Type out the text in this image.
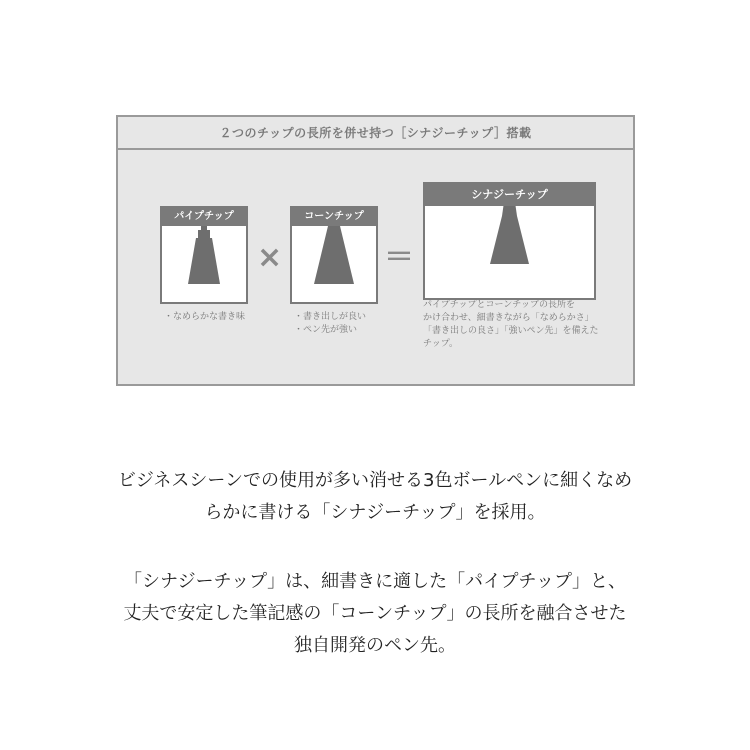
２つのチップの長所を併せ持つ［シナジーチップ］搭載
パイプチップ
・なめらかな書き味
×
コーンチップ
・書き出しが良い
・ペン先が強い
＝
シナジーチップ
パイプチップとコーンチップの長所を
かけ合わせ、細書きながら「なめらかさ」
「書き出しの良さ」「強いペン先」を備えた
チップ。
ビジネスシーンでの使用が多い消せる3色ボールペンに細くなめ
らかに書ける「シナジーチップ」を採用。
「シナジーチップ」は、細書きに適した「パイプチップ」と、
丈夫で安定した筆記感の「コーンチップ」の長所を融合させた
独自開発のペン先。
